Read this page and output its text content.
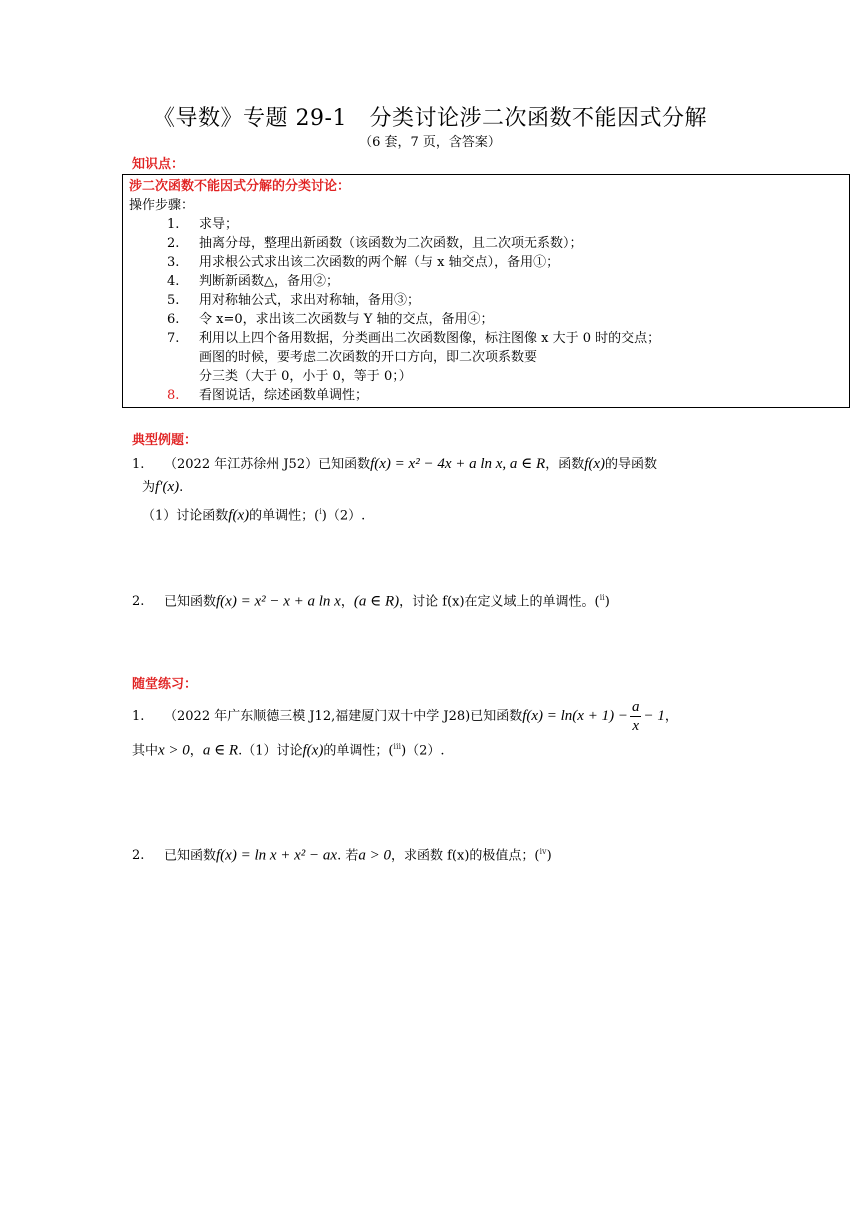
《导数》专题 29-1　分类讨论涉二次函数不能因式分解
（6 套，7 页，含答案）
知识点：
涉二次函数不能因式分解的分类讨论：
操作步骤：
1. 求导；
2. 抽离分母，整理出新函数（该函数为二次函数，且二次项无系数）；
3. 用求根公式求出该二次函数的两个解（与 x 轴交点），备用①；
4. 判断新函数△，备用②；
5. 用对称轴公式，求出对称轴，备用③；
6. 令 x=0，求出该二次函数与 Y 轴的交点，备用④；
7. 利用以上四个备用数据，分类画出二次函数图像，标注图像 x 大于 0 时的交点；
画图的时候，要考虑二次函数的开口方向，即二次项系数要
分三类（大于 0，小于 0，等于 0；）
8. 看图说话，综述函数单调性；
典型例题：
1. （2022 年江苏徐州 J52）已知函数f(x) = x² − 4x + a ln x, a ∈ R，函数f(x)的导函数
为f′(x).
（1）讨论函数f(x)的单调性；($^i$)（2）.
2. 已知函数f(x) = x² − x + a ln x，(a ∈ R)，讨论 f(x)在定义域上的单调性。($^{ii}$)
随堂练习：
1. （2022 年广东顺德三模 J12,福建厦门双十中学 J28)已知函数$f(x) = \ln(x + 1) - \frac{a}{x} - 1$，
其中x > 0，a ∈ R.（1）讨论f(x)的单调性；($^{iii}$)（2）.
2. 已知函数f(x) = ln x + x² − ax. 若a > 0，求函数 f(x)的极值点；($^{iv}$)
